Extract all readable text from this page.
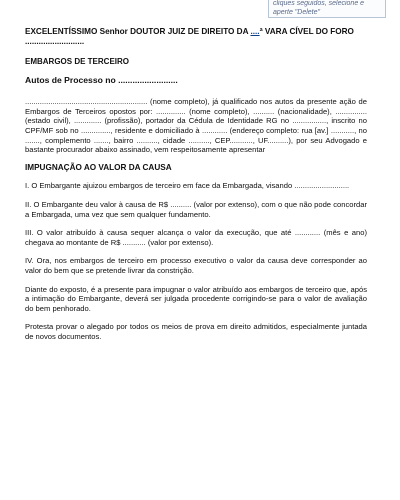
cliques seguidos, selecione e aperte "Delete"
EXCELENTÍSSIMO Senhor DOUTOR JUIZ DE DIREITO DA ....ª VARA CÍVEL DO FORO ..........................
EMBARGOS DE TERCEIRO
Autos de Processo no .........................
.......................................................... (nome completo), já qualificado nos autos da presente ação de Embargos de Terceiros opostos por: .............. (nome completo), .......... (nacionalidade), ............... (estado civil), ............. (profissão), portador da Cédula de Identidade RG no ................, inscrito no CPF/MF sob no .............., residente e domiciliado à ............ (endereço completo: rua [av.] ..........., no ......., complemento ......., bairro .........., cidade .........., CEP..........., UF..........), por seu Advogado e bastante procurador abaixo assinado, vem respeitosamente apresentar
IMPUGNAÇÃO AO VALOR DA CAUSA
I. O Embargante ajuizou embargos de terceiro em face da Embargada, visando ..........................
II. O Embargante deu valor à causa de R$ .......... (valor por extenso), com o que não pode concordar a Embargada, uma vez que sem qualquer fundamento.
III. O valor atribuído à causa sequer alcança o valor da execução, que até ............ (mês e ano) chegava ao montante de R$ ........... (valor por extenso).
IV. Ora, nos embargos de terceiro em processo executivo o valor da causa deve corresponder ao valor do bem que se pretende livrar da constrição.
Diante do exposto, é a presente para impugnar o valor atribuído aos embargos de terceiro que, após a intimação do Embargante, deverá ser julgada procedente corrigindo-se para o valor de avaliação do bem penhorado.
Protesta provar o alegado por todos os meios de prova em direito admitidos, especialmente juntada de novos documentos.
